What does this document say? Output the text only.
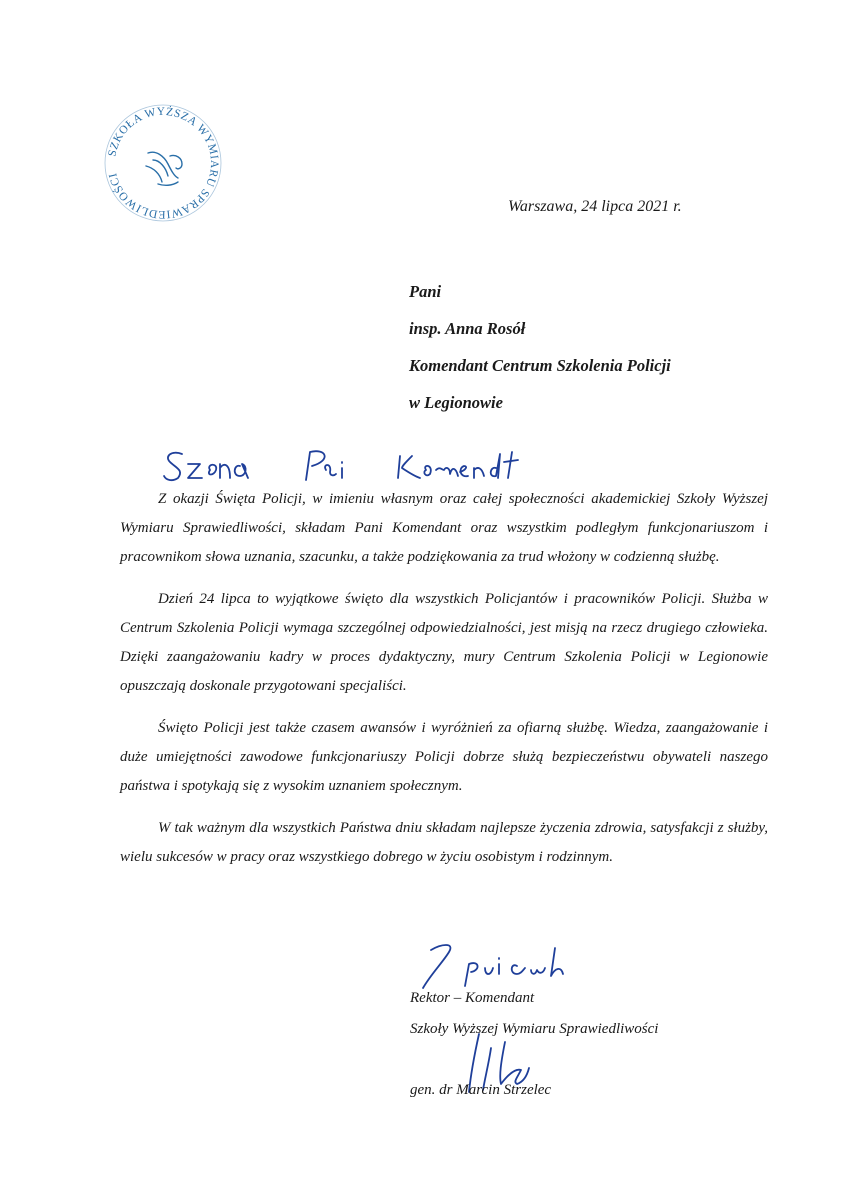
SZKOŁA WYŻSZA WYMIARU SPRAWIEDLIWOŚCI
Warszawa, 24 lipca 2021 r.
Pani
insp. Anna Rosół
Komendant Centrum Szkolenia Policji
w Legionowie

Z okazji Święta Policji, w imieniu własnym oraz całej społeczności akademickiej Szkoły Wyższej Wymiaru Sprawiedliwości, składam Pani Komendant oraz wszystkim podległym funkcjonariuszom i pracownikom słowa uznania, szacunku, a także podziękowania za trud włożony w codzienną służbę.

Dzień 24 lipca to wyjątkowe święto dla wszystkich Policjantów i pracowników Policji. Służba w Centrum Szkolenia Policji wymaga szczególnej odpowiedzialności, jest misją na rzecz drugiego człowieka. Dzięki zaangażowaniu kadry w proces dydaktyczny, mury Centrum Szkolenia Policji w Legionowie opuszczają doskonale przygotowani specjaliści.

Święto Policji jest także czasem awansów i wyróżnień za ofiarną służbę. Wiedza, zaangażowanie i duże umiejętności zawodowe funkcjonariuszy Policji dobrze służą bezpieczeństwu obywateli naszego państwa i spotykają się z wysokim uznaniem społecznym.

W tak ważnym dla wszystkich Państwa dniu składam najlepsze życzenia zdrowia, satysfakcji z służby, wielu sukcesów w pracy oraz wszystkiego dobrego w życiu osobistym i rodzinnym.

Rektor – Komendant
Szkoły Wyższej Wymiaru Sprawiedliwości
gen. dr Marcin Strzelec
